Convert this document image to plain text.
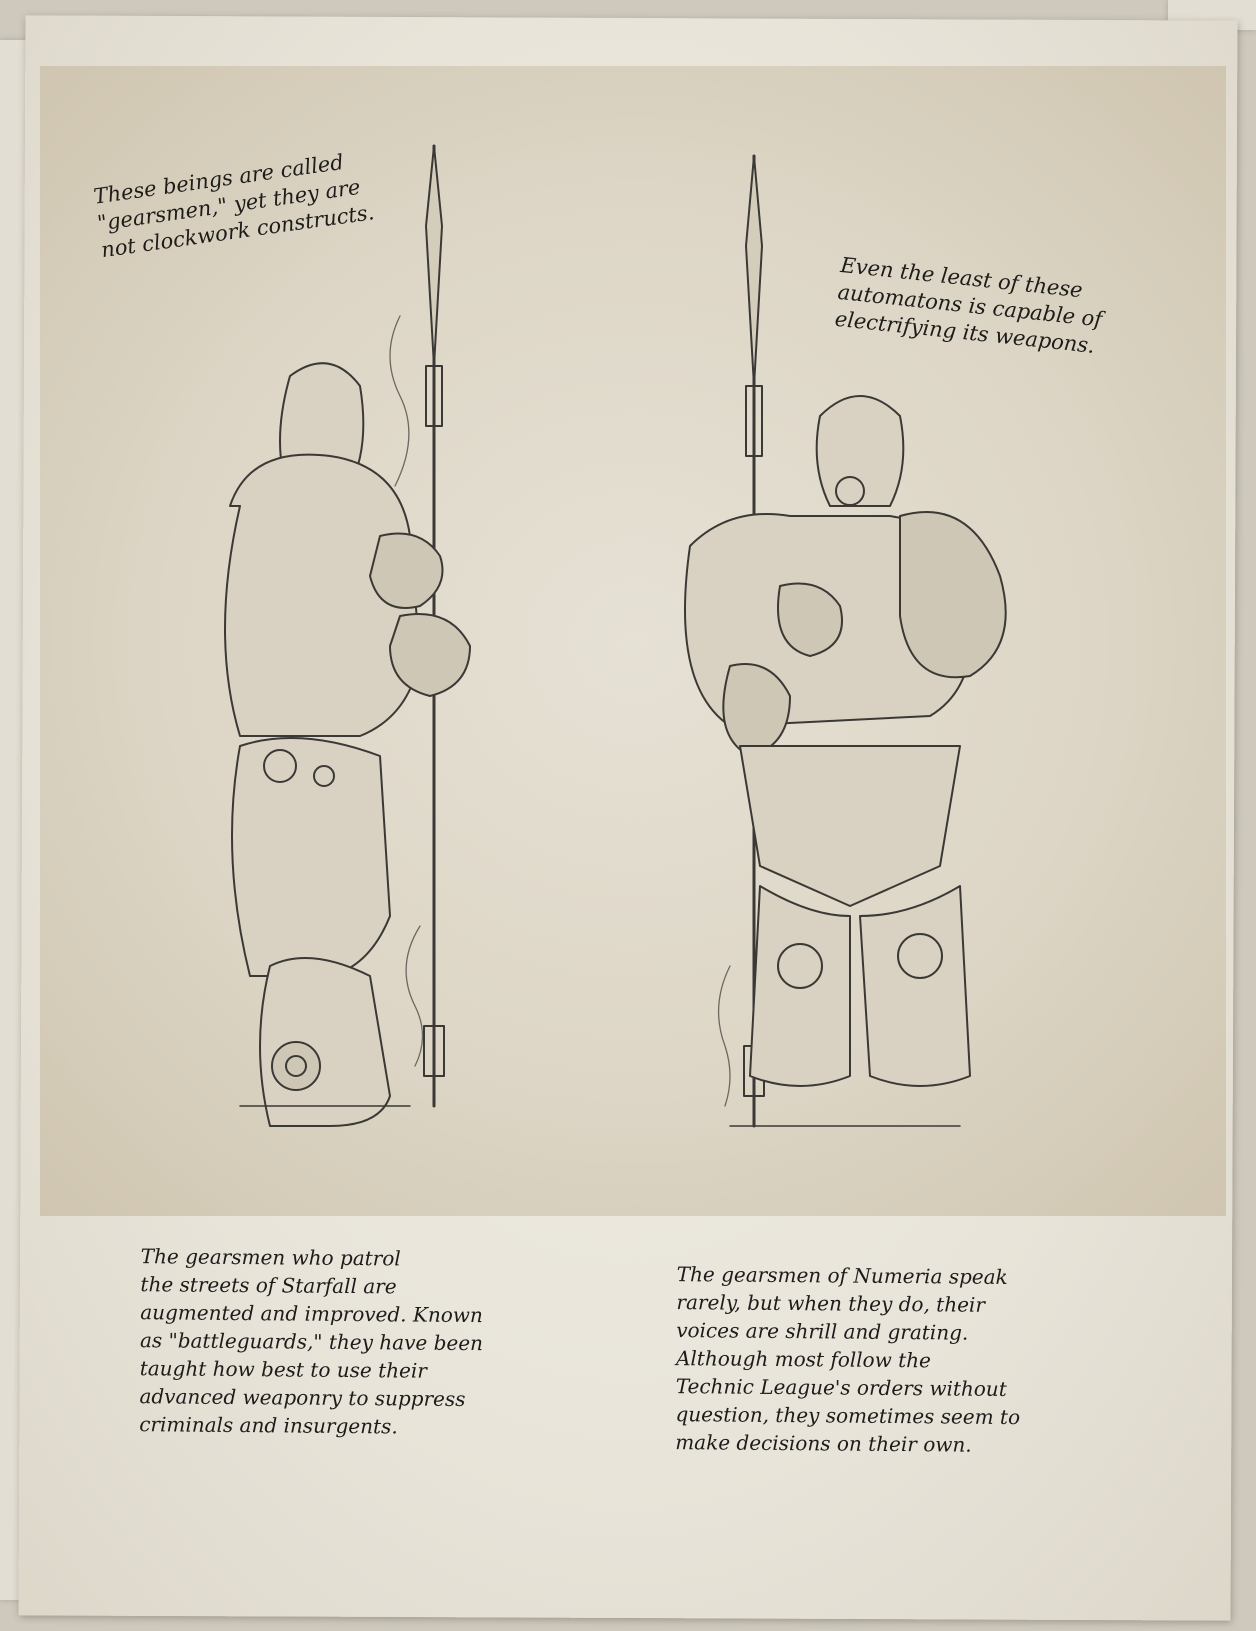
These beings are called
"gearsmen," yet they are
not clockwork constructs.

Even the least of these
automatons is capable of
electrifying its weapons.

The gearsmen who patrol
the streets of Starfall are
augmented and improved. Known
as "battleguards," they have been
taught how best to use their
advanced weaponry to suppress
criminals and insurgents.

The gearsmen of Numeria speak
rarely, but when they do, their
voices are shrill and grating.
Although most follow the
Technic League's orders without
question, they sometimes seem to
make decisions on their own.
